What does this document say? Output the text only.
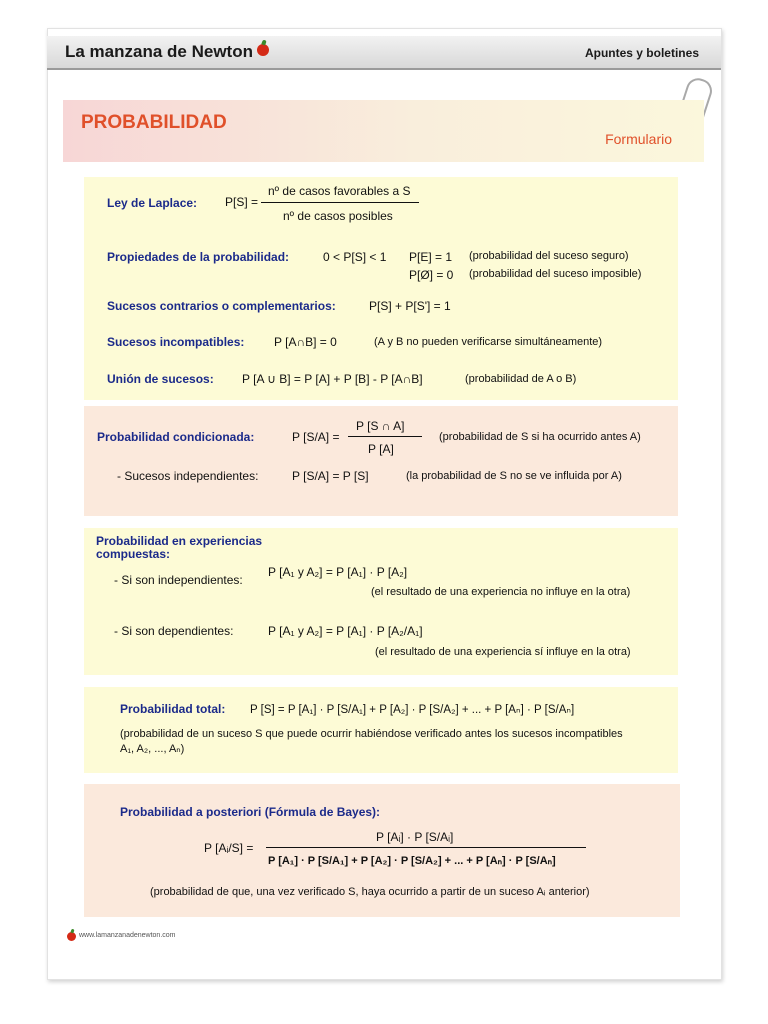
La manzana de Newton	Apuntes y boletines
PROBABILIDAD
Formulario
Ley de Laplace: P[S] =
nº de casos favorables a S
nº de casos posibles
Propiedades de la probabilidad:	0 < P[S] < 1 P[E] = 1 (probabilidad del suceso seguro)
P[Ø] = 0 (probabilidad del suceso imposible)
Sucesos contrarios o complementarios:	P[S] + P[S'] = 1
Sucesos incompatibles: P [A∩B] = 0	(A y B no pueden verificarse simultáneamente)
Unión de sucesos: P [A ∪ B] = P [A] + P [B] - P [A∩B]	(probabilidad de A o B)
Probabilidad condicionada:	P [S/A] =
P [S ∩ A]
P [A]
(probabilidad de S si ha ocurrido antes A)
- Sucesos independientes:	P [S/A] = P [S]	(la probabilidad de S no se ve influida por A)
Probabilidad en experiencias
compuestas:
- Si son independientes:
P [A₁ y A₂] = P [A₁] · P [A₂]
(el resultado de una experiencia no influye en la otra)
- Si son dependientes:	P [A₁ y A₂] = P [A₁] · P [A₂/A₁]
(el resultado de una experiencia sí influye en la otra)
Probabilidad total: P [S] = P [A₁] · P [S/A₁] + P [A₂] · P [S/A₂] + ... + P [Aₙ] · P [S/Aₙ]
(probabilidad de un suceso S que puede ocurrir habiéndose verificado antes los sucesos incompatibles
A₁, A₂, ..., Aₙ)
Probabilidad a posteriori (Fórmula de Bayes):
P [Aᵢ/S] =
P [Aᵢ] · P [S/Aᵢ]
P [A₁] · P [S/A₁] + P [A₂] · P [S/A₂] + ... + P [Aₙ] · P [S/Aₙ]
(probabilidad de que, una vez verificado S, haya ocurrido a partir de un suceso Aᵢ anterior)
www.lamanzanadenewton.com
